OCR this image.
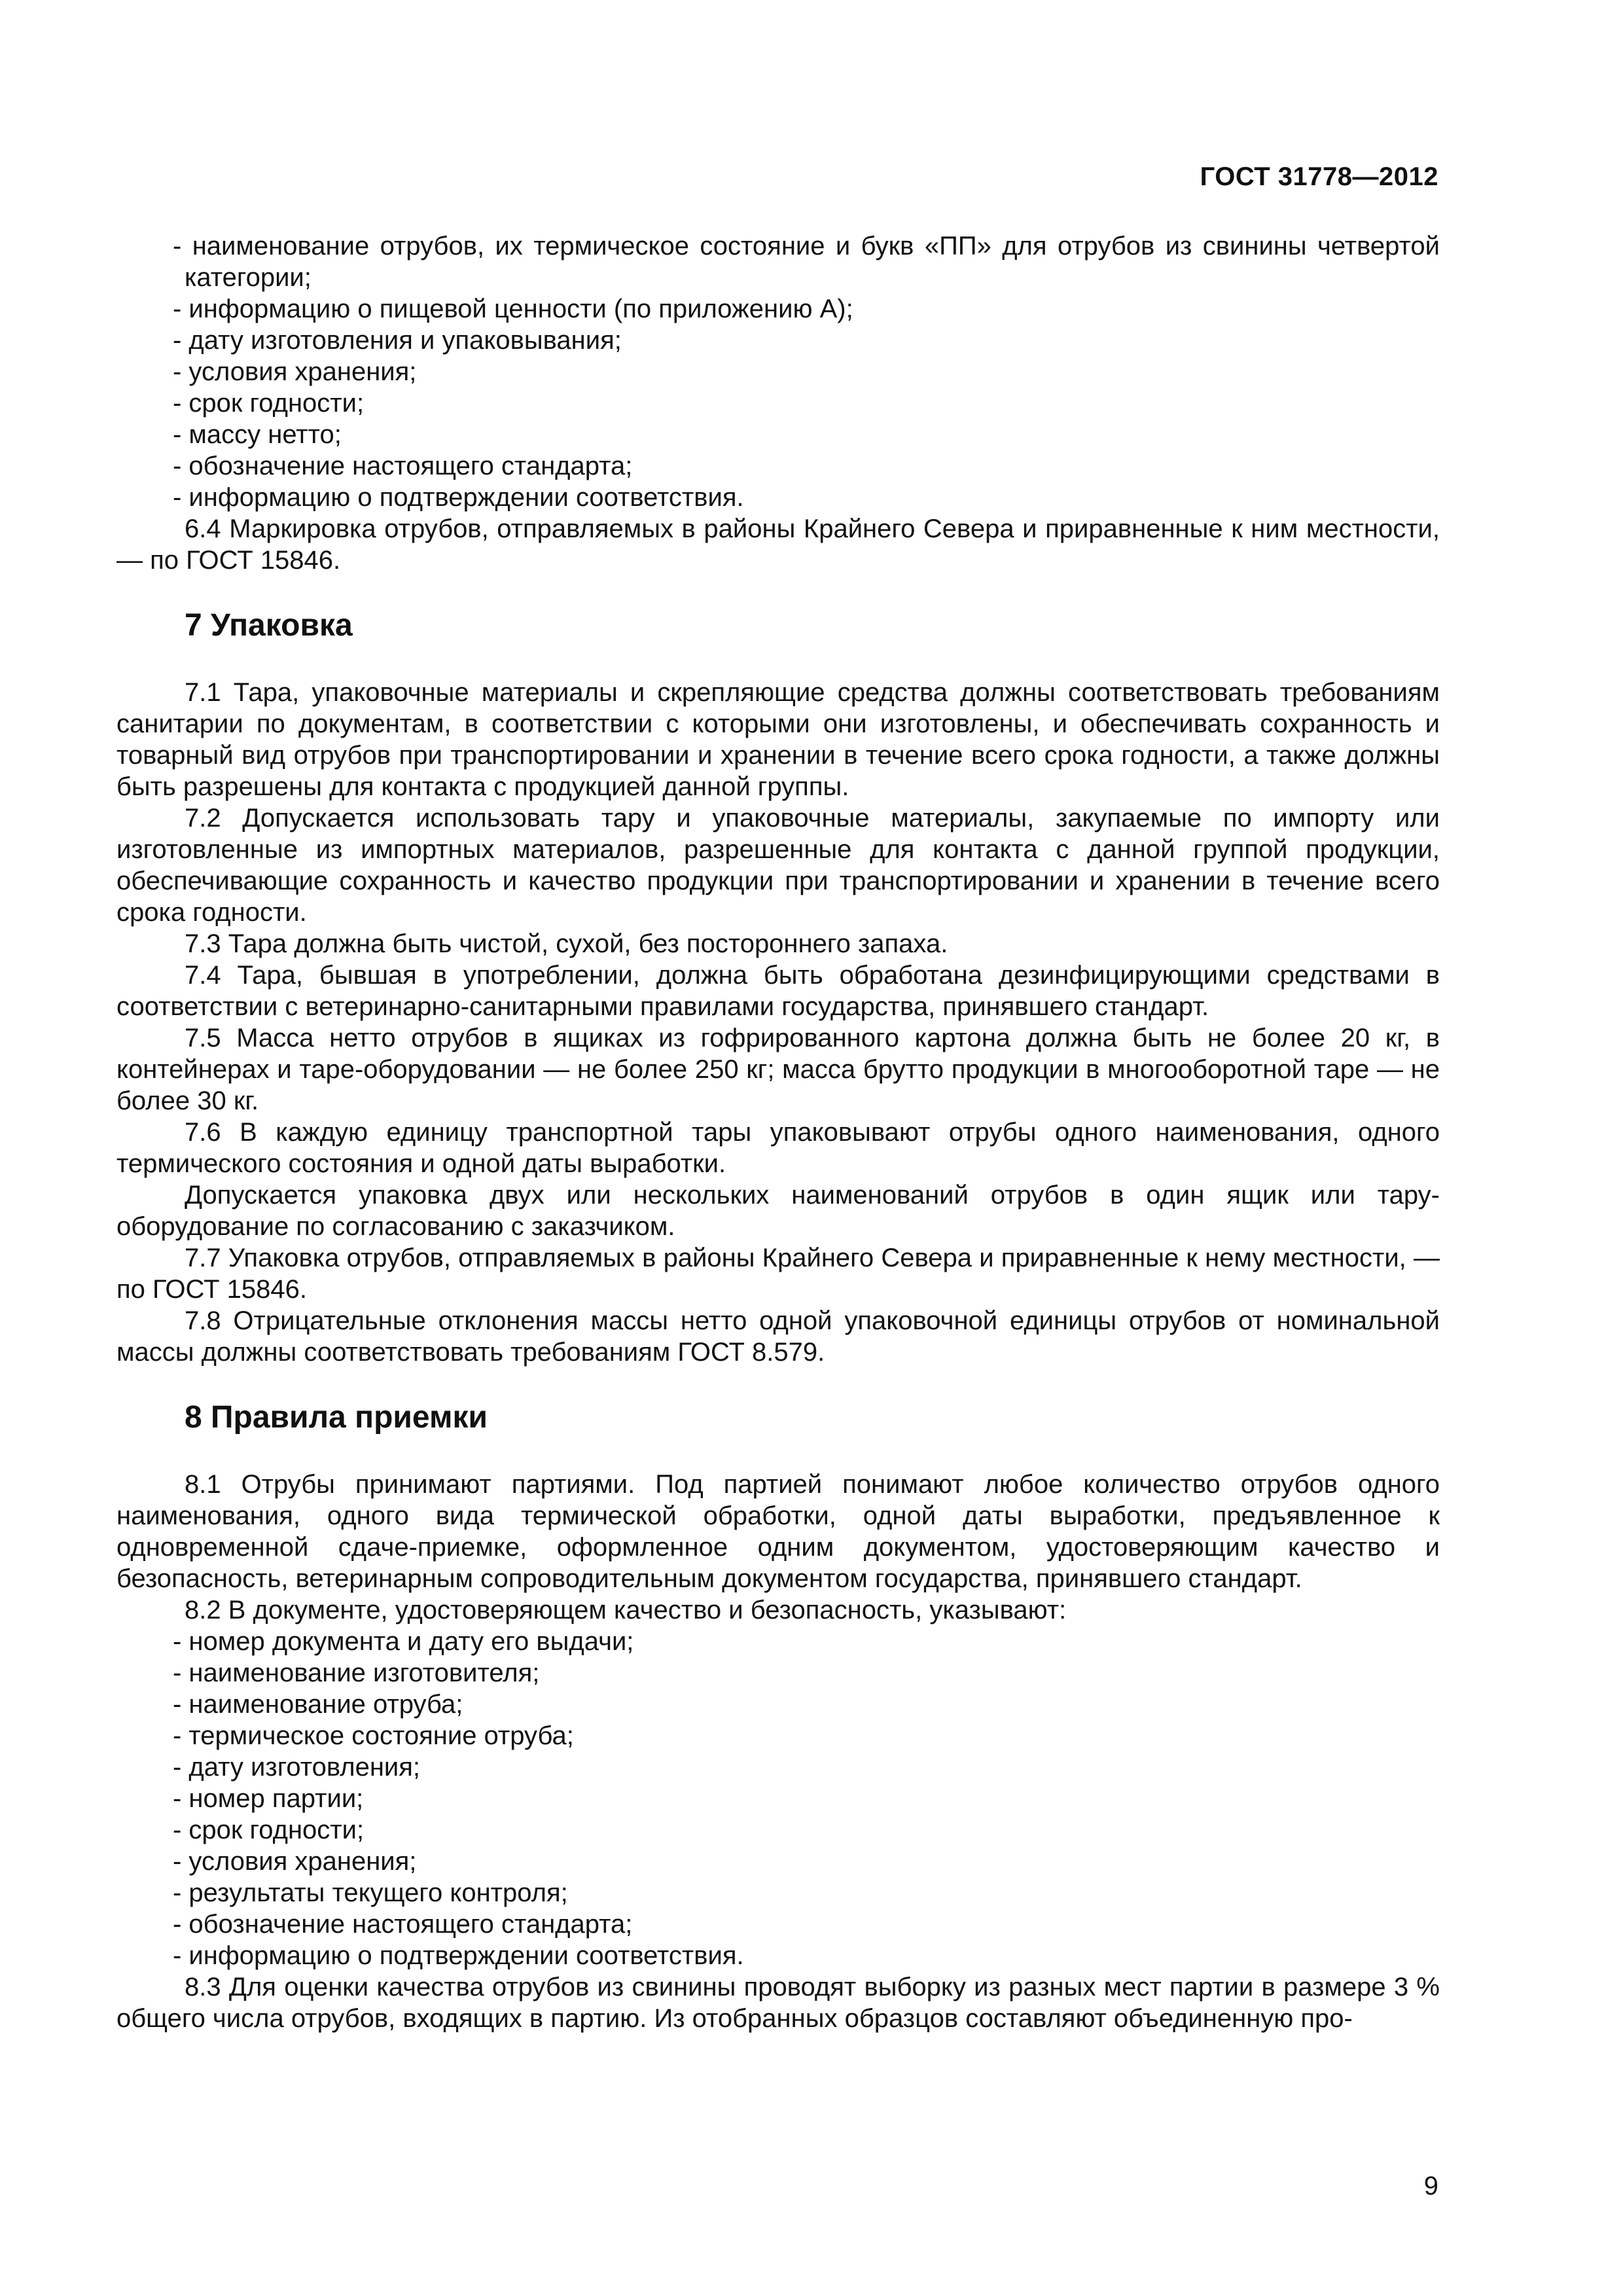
ГОСТ 31778—2012

- наименование отрубов, их термическое состояние и букв «ПП» для отрубов из свинины четвертой категории;

- информацию о пищевой ценности (по приложению А);

- дату изготовления и упаковывания;

- условия хранения;

- срок годности;

- массу нетто;

- обозначение настоящего стандарта;

- информацию о подтверждении соответствия.

6.4 Маркировка отрубов, отправляемых в районы Крайнего Севера и приравненные к ним местности, — по ГОСТ 15846.

7 Упаковка

7.1 Тара, упаковочные материалы и скрепляющие средства должны соответствовать требованиям санитарии по документам, в соответствии с которыми они изготовлены, и обеспечивать сохранность и товарный вид отрубов при транспортировании и хранении в течение всего срока годности, а также должны быть разрешены для контакта с продукцией данной группы.

7.2 Допускается использовать тару и упаковочные материалы, закупаемые по импорту или изготовленные из импортных материалов, разрешенные для контакта с данной группой продукции, обеспечивающие сохранность и качество продукции при транспортировании и хранении в течение всего срока годности.

7.3 Тара должна быть чистой, сухой, без постороннего запаха.

7.4 Тара, бывшая в употреблении, должна быть обработана дезинфицирующими средствами в соответствии с ветеринарно-санитарными правилами государства, принявшего стандарт.

7.5 Масса нетто отрубов в ящиках из гофрированного картона должна быть не более 20 кг, в контейнерах и таре-оборудовании — не более 250 кг; масса брутто продукции в многооборотной таре — не более 30 кг.

7.6 В каждую единицу транспортной тары упаковывают отрубы одного наименования, одного термического состояния и одной даты выработки.

Допускается упаковка двух или нескольких наименований отрубов в один ящик или тару-оборудование по согласованию с заказчиком.

7.7 Упаковка отрубов, отправляемых в районы Крайнего Севера и приравненные к нему местности, — по ГОСТ 15846.

7.8 Отрицательные отклонения массы нетто одной упаковочной единицы отрубов от номинальной массы должны соответствовать требованиям ГОСТ 8.579.

8 Правила приемки

8.1 Отрубы принимают партиями. Под партией понимают любое количество отрубов одного наименования, одного вида термической обработки, одной даты выработки, предъявленное к одновременной сдаче-приемке, оформленное одним документом, удостоверяющим качество и безопасность, ветеринарным сопроводительным документом государства, принявшего стандарт.

8.2 В документе, удостоверяющем качество и безопасность, указывают:

- номер документа и дату его выдачи;

- наименование изготовителя;

- наименование отруба;

- термическое состояние отруба;

- дату изготовления;

- номер партии;

- срок годности;

- условия хранения;

- результаты текущего контроля;

- обозначение настоящего стандарта;

- информацию о подтверждении соответствия.

8.3 Для оценки качества отрубов из свинины проводят выборку из разных мест партии в размере 3 % общего числа отрубов, входящих в партию. Из отобранных образцов составляют объединенную про-

9
